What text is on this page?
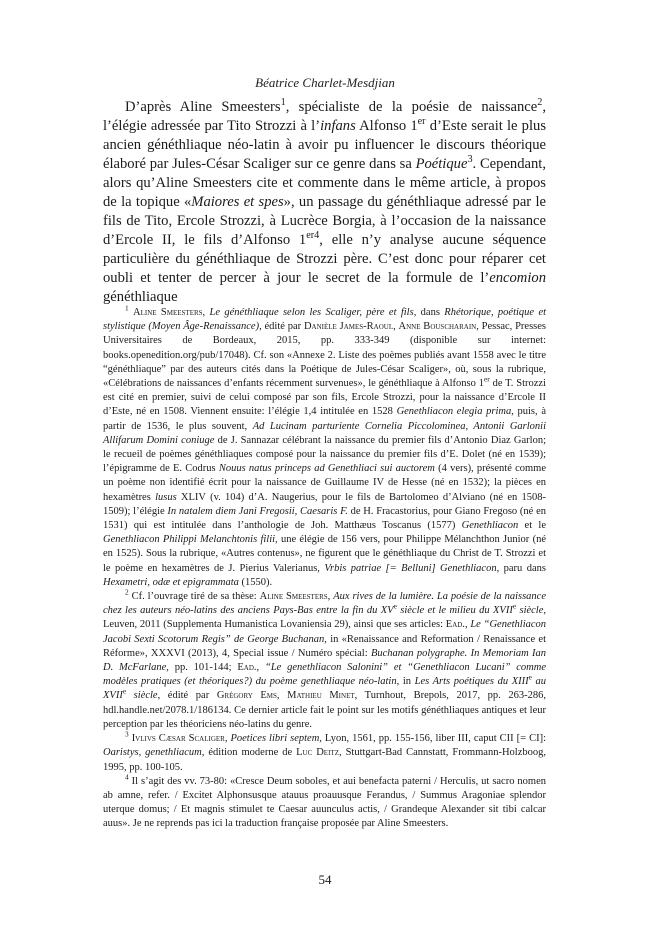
Béatrice Charlet-Mesdjian

D’après Aline Smeesters$^1$, spécialiste de la poésie de naissance$^2$, l’élégie adressée par Tito Strozzi à l’infans Alfonso 1er d’Este serait le plus ancien généthliaque néo-latin à avoir pu influencer le discours théorique élaboré par Jules-César Scaliger sur ce genre dans sa Poétique$^3$. Cependant, alors qu’Aline Smeesters cite et commente dans le même article, à propos de la topique «Maiores et spes», un passage du généthliaque adressé par le fils de Tito, Ercole Strozzi, à Lucrèce Borgia, à l’occasion de la naissance d’Ercole II, le fils d’Alfonso $1^{er4}$, elle n’y analyse aucune séquence particulière du généthliaque de Strozzi père. C’est donc pour réparer cet oubli et tenter de percer à jour le secret de la formule de l’encomion généthliaque

$^1$ Aline Smeesters, Le généthliaque selon les Scaliger, père et fils, dans Rhétorique, poétique et stylistique (Moyen Âge-Renaissance), édité par Danièle James-Raoul, Anne Bouscharain, Pessac, Presses Universitaires de Bordeaux, 2015, pp. 333-349 (disponible sur internet: books.openedition.org/pub/17048). Cf. son «Annexe 2. Liste des poèmes publiés avant 1558 avec le titre “généthliaque” par des auteurs cités dans la Poétique de Jules-César Scaliger», où, sous la rubrique, «Célébrations de naissances d’enfants récemment survenues», le généthliaque à Alfonso 1er de T. Strozzi est cité en premier, suivi de celui composé par son fils, Ercole Strozzi, pour la naissance d’Ercole II d’Este, né en 1508. Viennent ensuite: l’élégie 1,4 intitulée en 1528 Genethliacon elegia prima, puis, à partir de 1536, le plus souvent, Ad Lucinam parturiente Cornelia Piccolominea, Antonii Garlonii Allifarum Domini coniuge de J. Sannazar célébrant la naissance du premier fils d’Antonio Diaz Garlon; le recueil de poèmes généthliaques composé pour la naissance du premier fils d’E. Dolet (né en 1539); l’épigramme de E. Codrus Nouus natus princeps ad Genethliaci sui auctorem (4 vers), présenté comme un poème non identifié écrit pour la naissance de Guillaume IV de Hesse (né en 1532); la pièces en hexamètres lusus XLIV (v. 104) d’A. Naugerius, pour le fils de Bartolomeo d’Alviano (né en 1508-1509); l’élégie In natalem diem Jani Fregosii, Caesaris F. de H. Fracastorius, pour Giano Fregoso (né en 1531) qui est intitulée dans l’anthologie de Joh. Matthæus Toscanus (1577) Genethliacon et le Genethliacon Philippi Melanchtonis filii, une élégie de 156 vers, pour Philippe Mélanchthon Junior (né en 1525). Sous la rubrique, «Autres contenus», ne figurent que le généthliaque du Christ de T. Strozzi et le poème en hexamètres de J. Pierius Valerianus, Vrbis patriae [= Belluni] Genethliacon, paru dans Hexametri, odæ et epigrammata (1550).

$^2$ Cf. l’ouvrage tiré de sa thèse: Aline Smeesters, Aux rives de la lumière. La poésie de la naissance chez les auteurs néo-latins des anciens Pays-Bas entre la fin du XVe siècle et le milieu du XVIIe siècle, Leuven, 2011 (Supplementa Humanistica Lovaniensia 29), ainsi que ses articles: Ead., Le “Genethliacon Jacobi Sexti Scotorum Regis” de George Buchanan, in «Renaissance and Reformation / Renaissance et Réforme», XXXVI (2013), 4, Special issue / Numéro spécial: Buchanan polygraphe. In Memoriam Ian D. McFarlane, pp. 101-144; Ead., “Le genethliacon Salonini” et “Genethliacon Lucani” comme modèles pratiques (et théoriques?) du poème genethliaque néo-latin, in Les Arts poétiques du XIIIe au XVIIe siècle, édité par Grégory Ems, Mathieu Minet, Turnhout, Brepols, 2017, pp. 263-286, hdl.handle.net/2078.1/186134. Ce dernier article fait le point sur les motifs généthliaques antiques et leur perception par les théoriciens néo-latins du genre.

$^3$ Ivlivs Cæsar Scaliger, Poetices libri septem, Lyon, 1561, pp. 155-156, liber III, caput CII [= CI]: Oaristys, genethliacum, édition moderne de Luc Deitz, Stuttgart-Bad Cannstatt, Frommann-Holzboog, 1995, pp. 100-105.

$^4$ Il s’agit des vv. 73-80: «Cresce Deum soboles, et aui benefacta paterni / Herculis, ut sacro nomen ab amne, refer. / Excitet Alphonsusque atauus proauusque Ferandus, / Summus Aragoniae splendor uterque domus; / Et magnis stimulet te Caesar auunculus actis, / Grandeque Alexander sit tibi calcar auus». Je ne reprends pas ici la traduction française proposée par Aline Smeesters.

54
